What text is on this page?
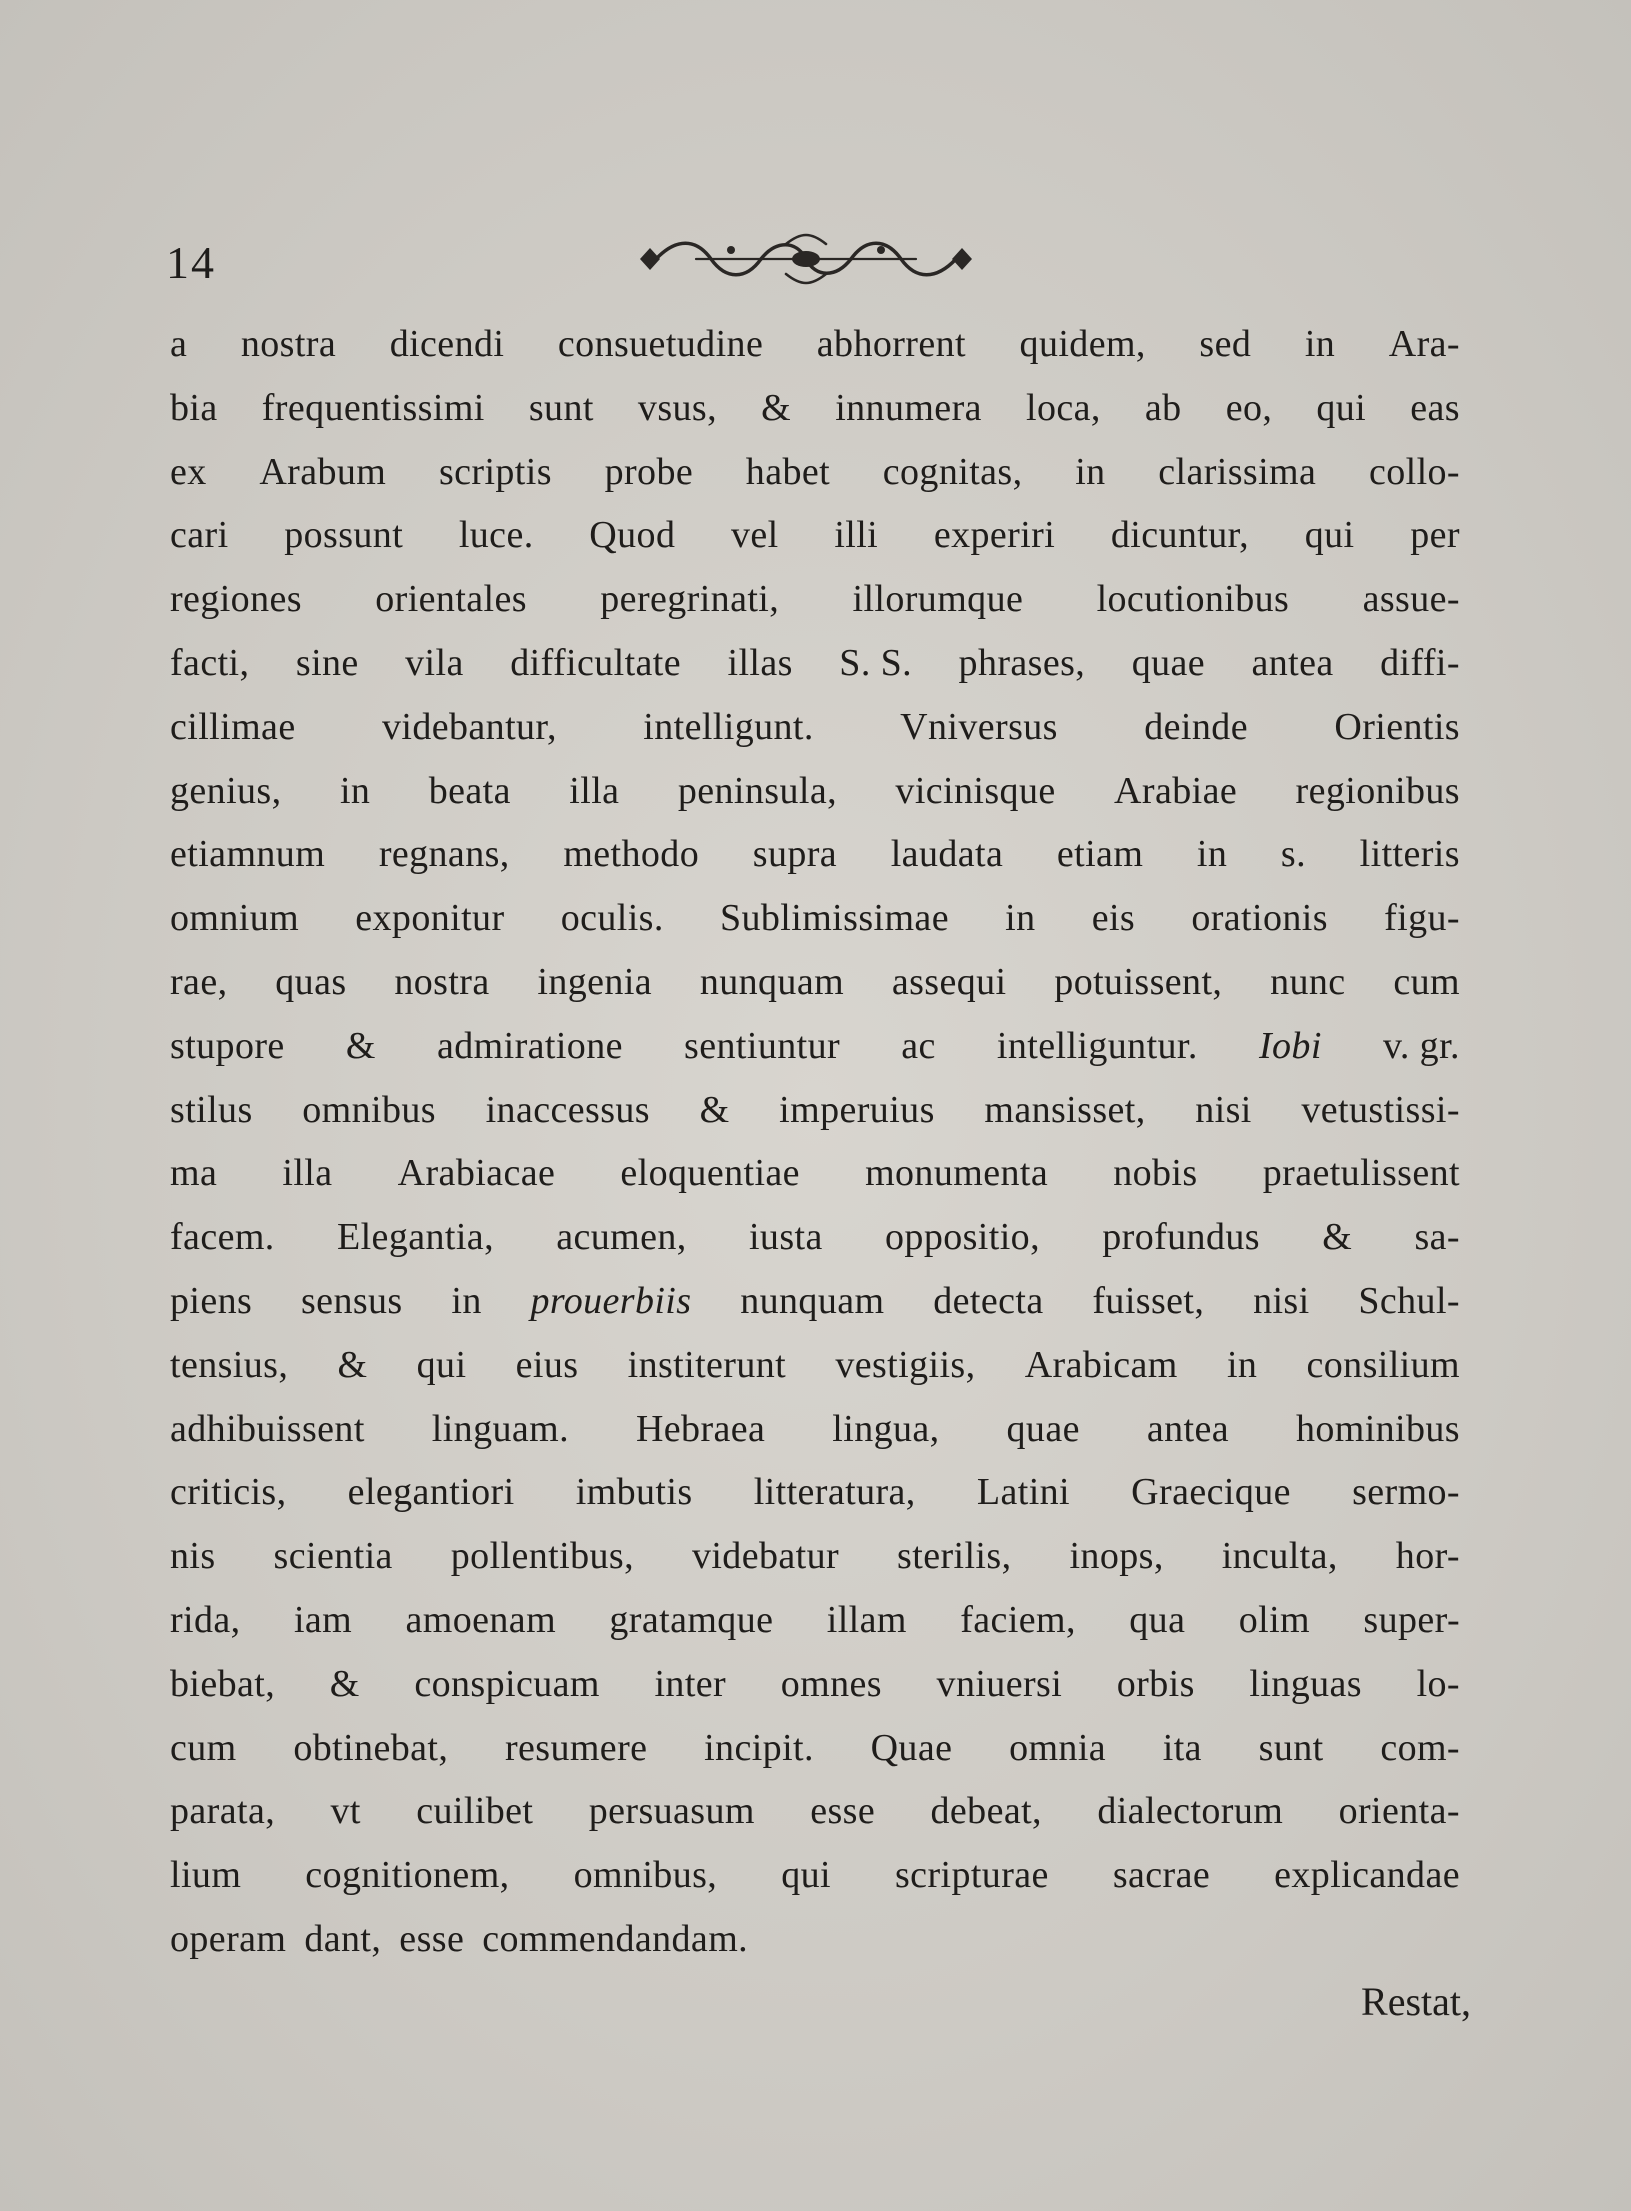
14
a nostra dicendi consuetudine abhorrent quidem, sed in Ara-
bia frequentissimi sunt vsus, & innumera loca, ab eo, qui eas
ex Arabum scriptis probe habet cognitas, in clarissima collo-
cari possunt luce. Quod vel illi experiri dicuntur, qui per
regiones orientales peregrinati, illorumque locutionibus assue-
facti, sine vila difficultate illas S. S. phrases, quae antea diffi-
cillimae videbantur, intelligunt. Vniversus deinde Orientis
genius, in beata illa peninsula, vicinisque Arabiae regionibus
etiamnum regnans, methodo supra laudata etiam in s. litteris
omnium exponitur oculis. Sublimissimae in eis orationis figu-
rae, quas nostra ingenia nunquam assequi potuissent, nunc cum
stupore & admiratione sentiuntur ac intelliguntur. Iobi v. gr.
stilus omnibus inaccessus & imperuius mansisset, nisi vetustissi-
ma illa Arabiacae eloquentiae monumenta nobis praetulissent
facem. Elegantia, acumen, iusta oppositio, profundus & sa-
piens sensus in prouerbiis nunquam detecta fuisset, nisi Schul-
tensius, & qui eius institerunt vestigiis, Arabicam in consilium
adhibuissent linguam. Hebraea lingua, quae antea hominibus
criticis, elegantiori imbutis litteratura, Latini Graecique sermo-
nis scientia pollentibus, videbatur sterilis, inops, inculta, hor-
rida, iam amoenam gratamque illam faciem, qua olim super-
biebat, & conspicuam inter omnes vniuersi orbis linguas lo-
cum obtinebat, resumere incipit. Quae omnia ita sunt com-
parata, vt cuilibet persuasum esse debeat, dialectorum orienta-
lium cognitionem, omnibus, qui scripturae sacrae explicandae
operam dant, esse commendandam.
Restat,
